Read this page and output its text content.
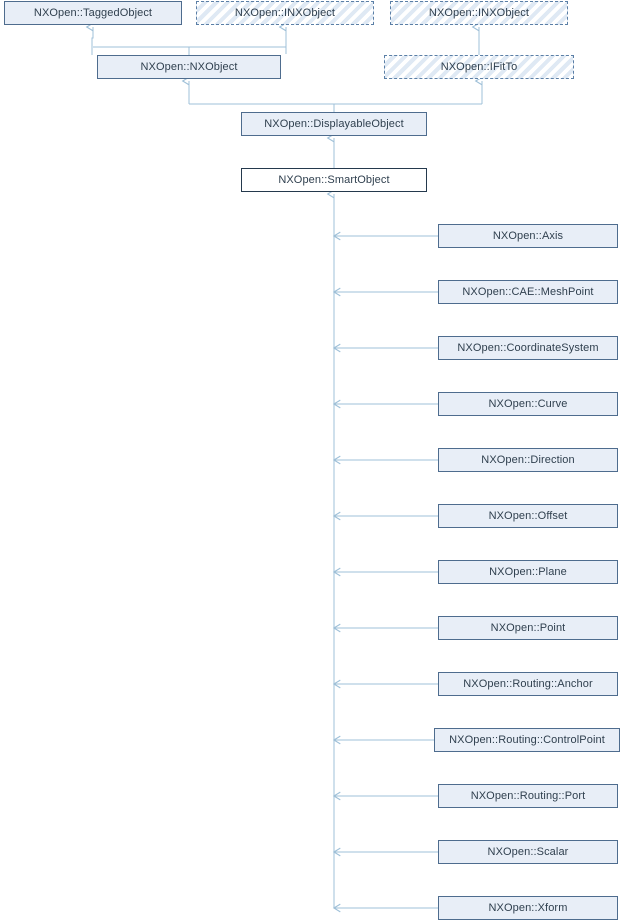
NXOpen::TaggedObject	NXOpen::INXObject	NXOpen::INXObject
NXOpen::NXObject	NXOpen::IFitTo
NXOpen::DisplayableObject
NXOpen::SmartObject
NXOpen::Axis
NXOpen::CAE::MeshPoint
NXOpen::CoordinateSystem
NXOpen::Curve
NXOpen::Direction
NXOpen::Offset
NXOpen::Plane
NXOpen::Point
NXOpen::Routing::Anchor
NXOpen::Routing::ControlPoint
NXOpen::Routing::Port
NXOpen::Scalar
NXOpen::Xform
